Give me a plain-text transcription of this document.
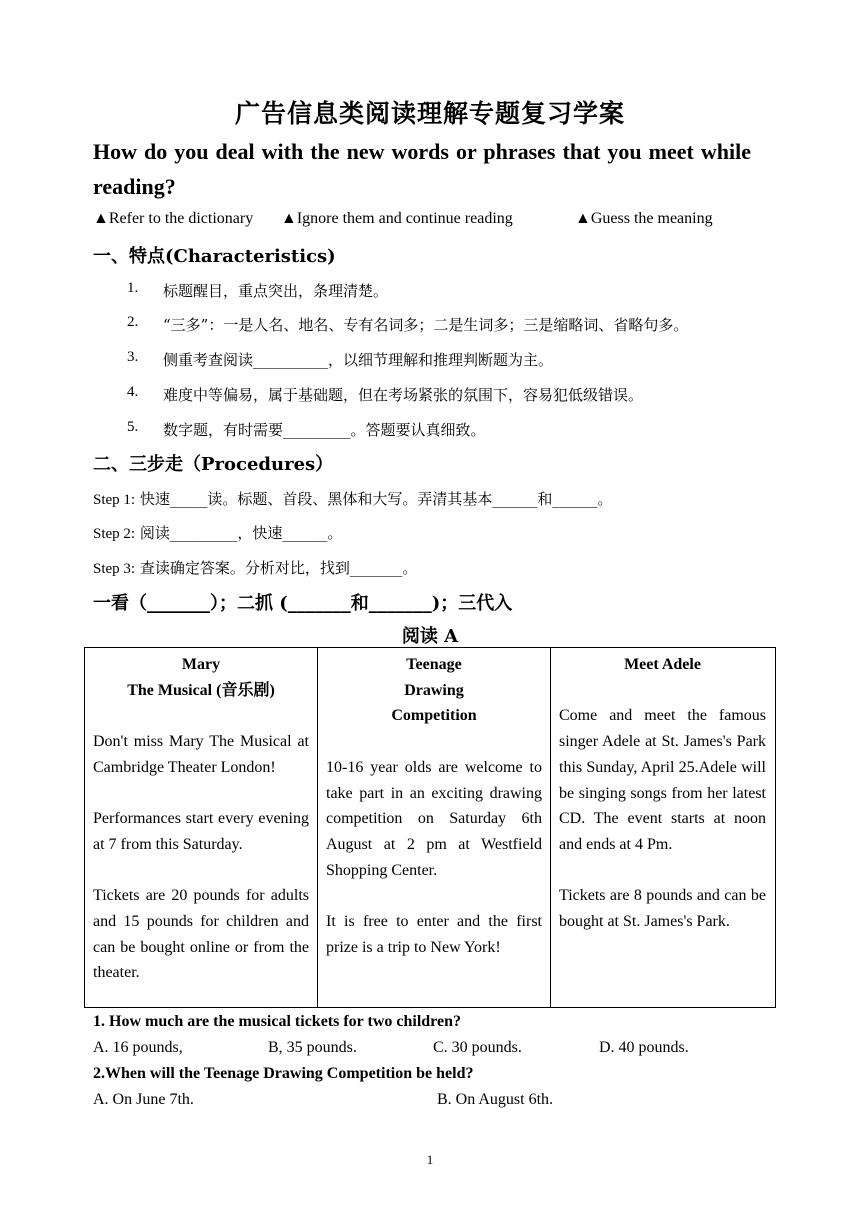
广告信息类阅读理解专题复习学案
How do you deal with the new words or phrases that you meet while reading?
▲Refer to the dictionary ▲Ignore them and continue reading	▲Guess the meaning
一、特点(Characteristics)
1. 标题醒目，重点突出，条理清楚。
2. “三多”：一是人名、地名、专有名词多；二是生词多；三是缩略词、省略句多。
3. 侧重考查阅读__________，以细节理解和推理判断题为主。
4. 难度中等偏易，属于基础题，但在考场紧张的氛围下，容易犯低级错误。
5. 数字题，有时需要_________。答题要认真细致。
二、三步走（Procedures）
Step 1: 快速_____读。标题、首段、黑体和大写。弄清其基本______和______。
Step 2: 阅读_________，快速______。
Step 3: 查读确定答案。分析对比，找到_______。
一看（_______）；二抓 (_______和_______)；三代入
阅读 A
Mary
The Musical (音乐剧)
Don't miss Mary The Musical at Cambridge Theater London!
Performances start every evening at 7 from this Saturday.
Tickets are 20 pounds for adults and 15 pounds for children and can be bought online or from the theater.
Teenage
Drawing
Competition
10-16 year olds are welcome to take part in an exciting drawing competition on Saturday 6th August at 2 pm at Westfield Shopping Center.
It is free to enter and the first prize is a trip to New York!
Meet Adele
Come and meet the famous singer Adele at St. James's Park this Sunday, April 25.Adele will be singing songs from her latest CD. The event starts at noon and ends at 4 Pm.
Tickets are 8 pounds and can be bought at St. James's Park.
1. How much are the musical tickets for two children?
A. 16 pounds,	B, 35 pounds.	C. 30 pounds.	D. 40 pounds.
2.When will the Teenage Drawing Competition be held?
A. On June 7th.	B. On August 6th.
1
